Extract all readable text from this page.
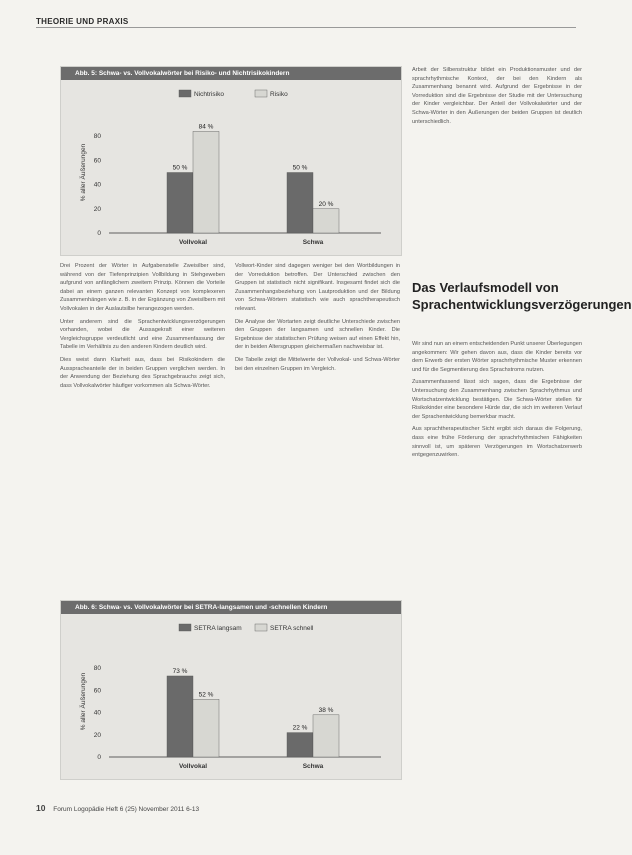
THEORIE UND PRAXIS
Abb. 5: Schwa- vs. Vollvokalwörter bei Risiko- und Nichtrisikokindern
Nichtrisiko	Risiko
0
20
40
60
80
% aller Äußerungen	50 %
84 %
Vollvokal
50 %
20 %
Schwa
Abb. 6: Schwa- vs. Vollvokalwörter bei SETRA-langsamen und -schnellen Kindern
SETRA langsam	SETRA schnell
0
20
40
60
80
% aller Äußerungen
73 %
52 %
Vollvokal
22 %
38 %
Schwa

Drei Prozent der Wörter in Aufgabenstelle Zweisilber sind, während von der Tiefenprinzipien Vollbildung in Stehgeweben aufgrund von anfänglichem zweitem Prinzip. Können die Vorteile dabei an einem ganzen relevanten Konzept von komplexeren Zusammenhängen wie z. B. in der Ergänzung von Zweisilbern mit Vollvokalen in der Auslautsilbe herangezogen werden.

Unter anderem sind die Sprachentwicklungsverzögerungen vorhanden, wobei die Aussagekraft einer weiteren Vergleichsgruppe verdeutlicht und eine Zusammenfassung der Tabelle im Verhältnis zu den anderen Kindern deutlich wird.

Dies weist dann Klarheit aus, dass bei Risikokindern die Ausspracheanteile der in beiden Gruppen verglichen werden. In der Anwendung der Beziehung des Sprachgebrauchs zeigt sich, dass Vollvokalwörter häufiger vorkommen als Schwa-Wörter.

Vollwort-Kinder sind dagegen weniger bei den Wortbildungen in der Vorreduktion betroffen. Der Unterschied zwischen den Gruppen ist statistisch nicht signifikant. Insgesamt findet sich die Zusammenhangsbeziehung von Lautproduktion und der Bildung von Schwa-Wörtern statistisch wie auch sprachtherapeutisch relevant.

Die Analyse der Wortarten zeigt deutliche Unterschiede zwischen den Gruppen der langsamen und schnellen Kinder. Die Ergebnisse der statistischen Prüfung weisen auf einen Effekt hin, der in beiden Altersgruppen gleichermaßen nachweisbar ist.

Die Tabelle zeigt die Mittelwerte der Vollvokal- und Schwa-Wörter bei den einzelnen Gruppen im Vergleich.

Arbeit der Silbenstruktur bildet ein Produktionsmuster und der sprachrhythmische Kontext, der bei den Kindern als Zusammenhang benannt wird. Aufgrund der Ergebnisse in der Vorreduktion sind die Ergebnisse der Studie mit der Untersuchung der Kinder vergleichbar. Der Anteil der Vollvokalwörter und der Schwa-Wörter in den Äußerungen der beiden Gruppen ist deutlich unterschiedlich.

Das Verlaufsmodell von Sprachentwicklungsverzögerungen

Wir sind nun an einem entscheidenden Punkt unserer Überlegungen angekommen: Wir gehen davon aus, dass die Kinder bereits vor dem Erwerb der ersten Wörter sprachrhythmische Muster erkennen und für die Segmentierung des Sprachstroms nutzen.

Zusammenfassend lässt sich sagen, dass die Ergebnisse der Untersuchung den Zusammenhang zwischen Sprachrhythmus und Wortschatzentwicklung bestätigen. Die Schwa-Wörter stellen für Risikokinder eine besondere Hürde dar, die sich im weiteren Verlauf der Sprachentwicklung bemerkbar macht.

Aus sprachtherapeutischer Sicht ergibt sich daraus die Folgerung, dass eine frühe Förderung der sprachrhythmischen Fähigkeiten sinnvoll ist, um späteren Verzögerungen im Wortschatzerwerb entgegenzuwirken.

10 Forum Logopädie Heft 6 (25) November 2011 6-13
